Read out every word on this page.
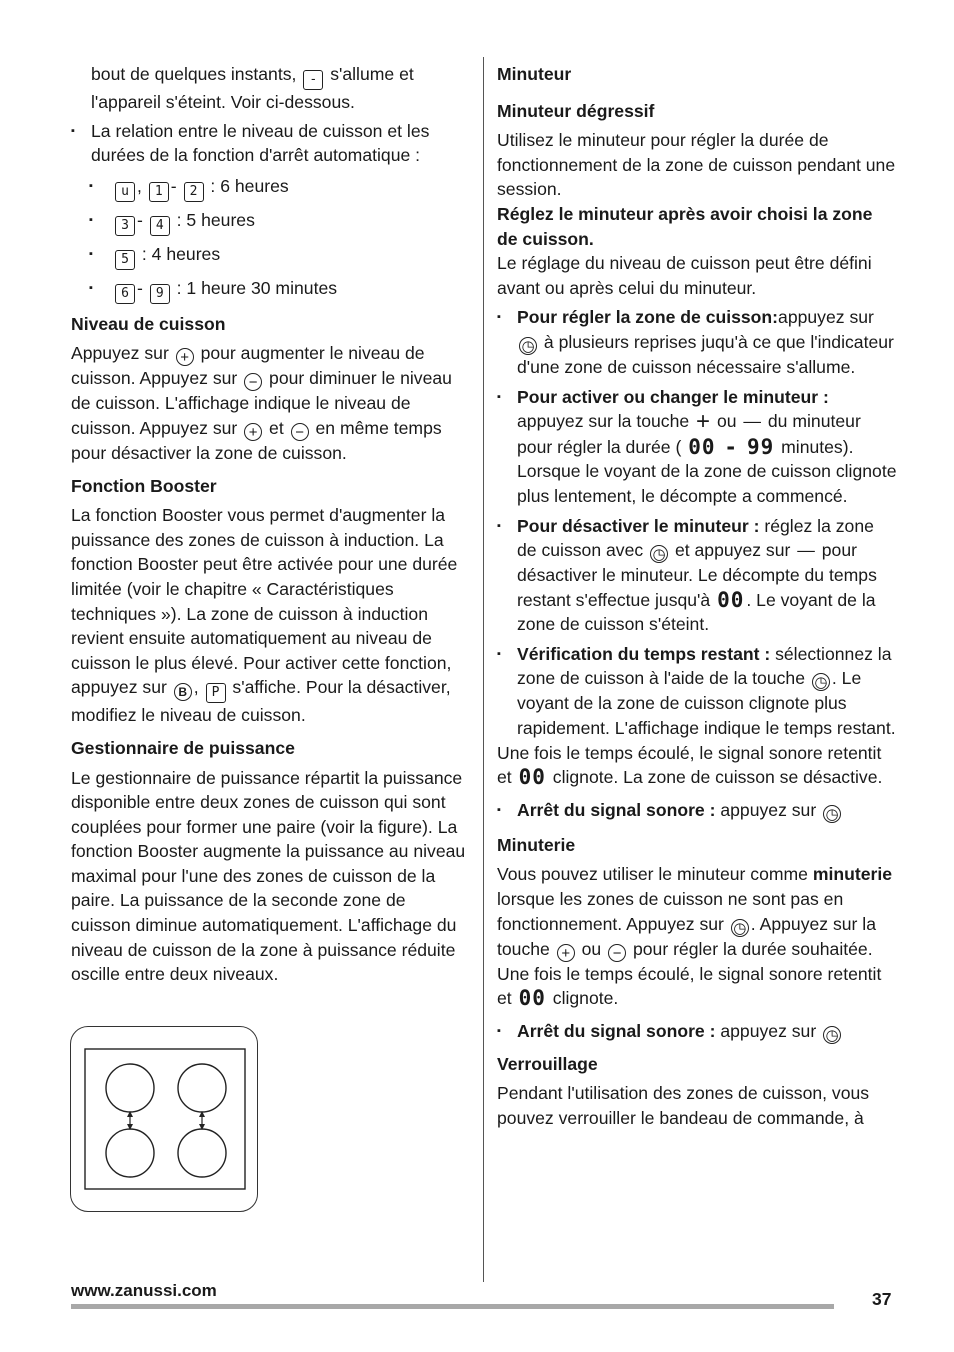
bout de quelques instants, - s'allume et l'appareil s'éteint. Voir ci-dessous.

▪ La relation entre le niveau de cuisson et les durées de la fonction d'arrêt automatique :

▪ u , 1 - 2 : 6 heures

▪ 3 - 4 : 5 heures

▪ 5 : 4 heures

▪ 6 - 9 : 1 heure 30 minutes

Niveau de cuisson

Appuyez sur + pour augmenter le niveau de cuisson. Appuyez sur − pour diminuer le niveau de cuisson. L'affichage indique le niveau de cuisson. Appuyez sur + et − en même temps pour désactiver la zone de cuisson.

Fonction Booster

La fonction Booster vous permet d'augmenter la puissance des zones de cuisson à induction. La fonction Booster peut être activée pour une durée limitée (voir le chapitre « Caractéristiques techniques »). La zone de cuisson à induction revient ensuite automatiquement au niveau de cuisson le plus élevé. Pour activer cette fonction, appuyez sur B , P s'affiche. Pour la désactiver, modifiez le niveau de cuisson.

Gestionnaire de puissance

Le gestionnaire de puissance répartit la puissance disponible entre deux zones de cuisson qui sont couplées pour former une paire (voir la figure). La fonction Booster augmente la puissance au niveau maximal pour l'une des zones de cuisson de la paire. La puissance de la seconde zone de cuisson diminue automatiquement. L'affichage du niveau de cuisson de la zone à puissance réduite oscille entre deux niveaux.

Minuteur

Minuteur dégressif

Utilisez le minuteur pour régler la durée de fonctionnement de la zone de cuisson pendant une session.

Réglez le minuteur après avoir choisi la zone de cuisson.

Le réglage du niveau de cuisson peut être défini avant ou après celui du minuteur.

▪ Pour régler la zone de cuisson:appuyez sur ◷ à plusieurs reprises juqu'à ce que l'indicateur d'une zone de cuisson nécessaire s'allume.

▪ Pour activer ou changer le minuteur : appuyez sur la touche + ou — du minuteur pour régler la durée ( 00 - 99 minutes). Lorsque le voyant de la zone de cuisson clignote plus lentement, le décompte a commencé.

▪ Pour désactiver le minuteur : réglez la zone de cuisson avec ◷ et appuyez sur — pour désactiver le minuteur. Le décompte du temps restant s'effectue jusqu'à 00 . Le voyant de la zone de cuisson s'éteint.

▪ Vérification du temps restant : sélectionnez la zone de cuisson à l'aide de la touche ◷ . Le voyant de la zone de cuisson clignote plus rapidement. L'affichage indique le temps restant.

Une fois le temps écoulé, le signal sonore retentit et 00 clignote. La zone de cuisson se désactive.

▪ Arrêt du signal sonore : appuyez sur ◷

Minuterie

Vous pouvez utiliser le minuteur comme minuterie lorsque les zones de cuisson ne sont pas en fonctionnement. Appuyez sur ◷ . Appuyez sur la touche + ou − pour régler la durée souhaitée. Une fois le temps écoulé, le signal sonore retentit et 00 clignote.

▪ Arrêt du signal sonore : appuyez sur ◷

Verrouillage

Pendant l'utilisation des zones de cuisson, vous pouvez verrouiller le bandeau de commande, à

www.zanussi.com	37
